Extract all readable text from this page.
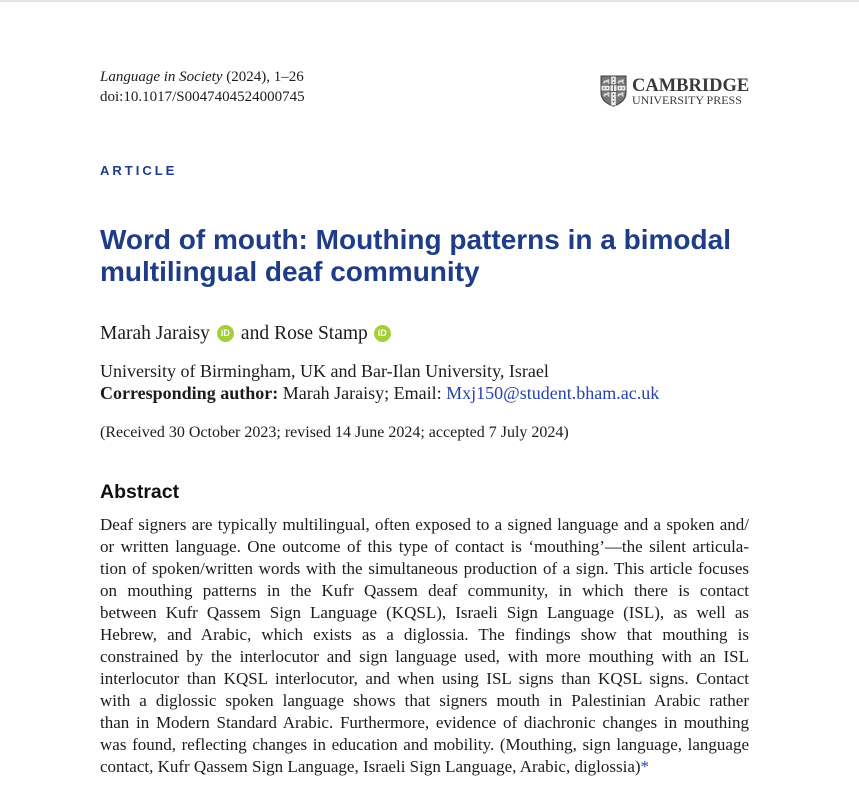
Language in Society (2024), 1–26
doi:10.1017/S0047404524000745
CAMBRIDGE
UNIVERSITY PRESS
ARTICLE
Word of mouth: Mouthing patterns in a bimodal
multilingual deaf community
Marah Jaraisy iD and Rose Stamp iD
University of Birmingham, UK and Bar-Ilan University, Israel
Corresponding author: Marah Jaraisy; Email: Mxj150@student.bham.ac.uk
(Received 30 October 2023; revised 14 June 2024; accepted 7 July 2024)
Abstract
Deaf signers are typically multilingual, often exposed to a signed language and a spoken and/
or written language. One outcome of this type of contact is ‘mouthing’—the silent articula-
tion of spoken/written words with the simultaneous production of a sign. This article focuses
on mouthing patterns in the Kufr Qassem deaf community, in which there is contact
between Kufr Qassem Sign Language (KQSL), Israeli Sign Language (ISL), as well as
Hebrew, and Arabic, which exists as a diglossia. The findings show that mouthing is
constrained by the interlocutor and sign language used, with more mouthing with an ISL
interlocutor than KQSL interlocutor, and when using ISL signs than KQSL signs. Contact
with a diglossic spoken language shows that signers mouth in Palestinian Arabic rather
than in Modern Standard Arabic. Furthermore, evidence of diachronic changes in mouthing
was found, reflecting changes in education and mobility. (Mouthing, sign language, language
contact, Kufr Qassem Sign Language, Israeli Sign Language, Arabic, diglossia)*
